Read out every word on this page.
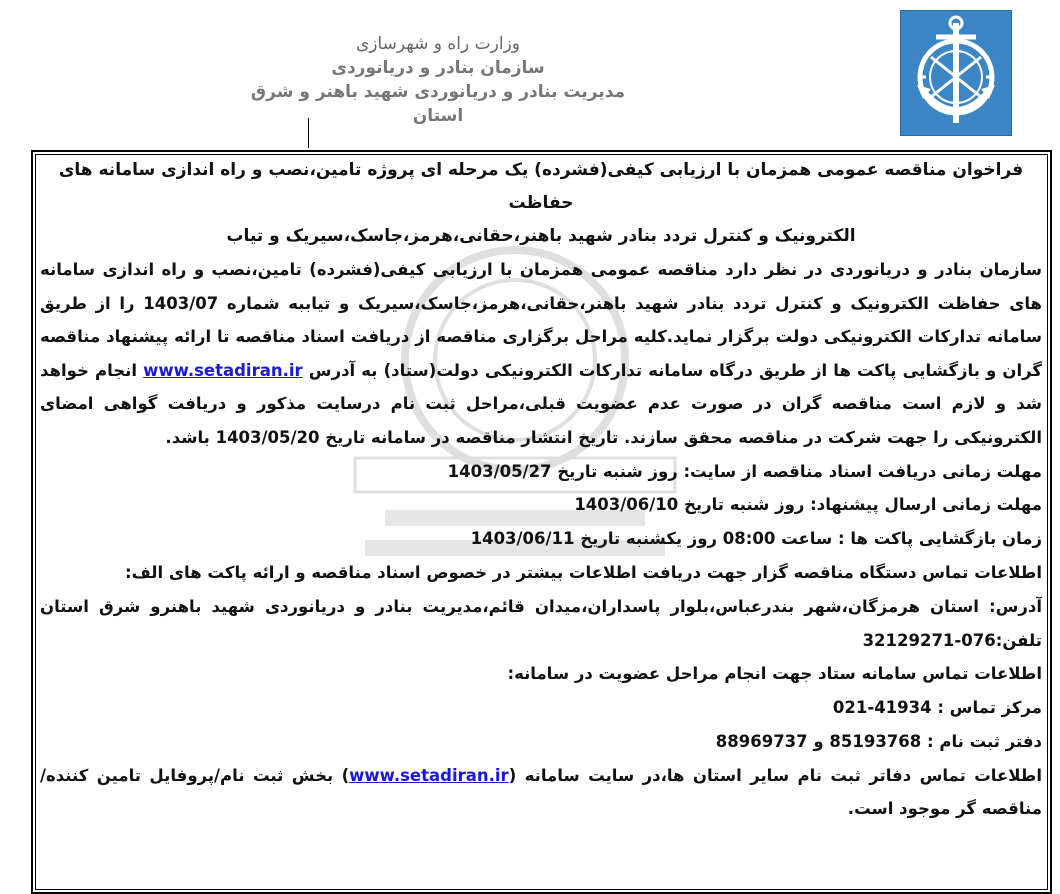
وزارت راه و شهرسازی
سازمان بنادر و دریانوردی
مدیریت بنادر و دریانوردی شهید باهنر و شرق استان

فراخوان مناقصه عمومی همزمان با ارزیابی کیفی(فشرده) یک مرحله ای پروژه تامین،نصب و راه اندازی سامانه های حفاظت

الکترونیک و کنترل تردد بنادر شهید باهنر،حقانی،هرمز،جاسک،سیریک و تیاب

سازمان بنادر و دریانوردی در نظر دارد مناقصه عمومی همزمان با ارزیابی کیفی(فشرده) تامین،نصب و راه اندازی سامانه های حفاظت الکترونیک و کنترل تردد بنادر شهید باهنر،حقانی،هرمز،جاسک،سیریک و تیاببه شماره 1403/07 را از طریق سامانه تدارکات الکترونیکی دولت برگزار نماید.کلیه مراحل برگزاری مناقصه از دریافت اسناد مناقصه تا ارائه پیشنهاد مناقصه گران و بازگشایی پاکت ها از طریق درگاه سامانه تدارکات الکترونیکی دولت(ستاد) به آدرس www.setadiran.ir انجام خواهد شد و لازم است مناقصه گران در صورت عدم عضویت قبلی،مراحل ثبت نام درسایت مذکور و دریافت گواهی امضای الکترونیکی را جهت شرکت در مناقصه محقق سازند. تاریخ انتشار مناقصه در سامانه تاریخ 1403/05/20 باشد.

مهلت زمانی دریافت اسناد مناقصه از سایت: روز شنبه تاریخ 1403/05/27

مهلت زمانی ارسال پیشنهاد: روز شنبه تاریخ 1403/06/10

زمان بازگشایی پاکت ها : ساعت 08:00 روز یکشنبه تاریخ 1403/06/11

اطلاعات تماس دستگاه مناقصه گزار جهت دریافت اطلاعات بیشتر در خصوص اسناد مناقصه و ارائه پاکت های الف:

آدرس: استان هرمزگان،شهر بندرعباس،بلوار پاسداران،میدان قائم،مدیریت بنادر و دریانوردی شهید باهنرو شرق استان

تلفن:076-32129271

اطلاعات تماس سامانه ستاد جهت انجام مراحل عضویت در سامانه:

مرکز تماس : 41934-021

دفتر ثبت نام : 85193768 و 88969737

اطلاعات تماس دفاتر ثبت نام سایر استان ها،در سایت سامانه (www.setadiran.ir) بخش ثبت نام/پروفایل تامین کننده/مناقصه گر موجود است.
